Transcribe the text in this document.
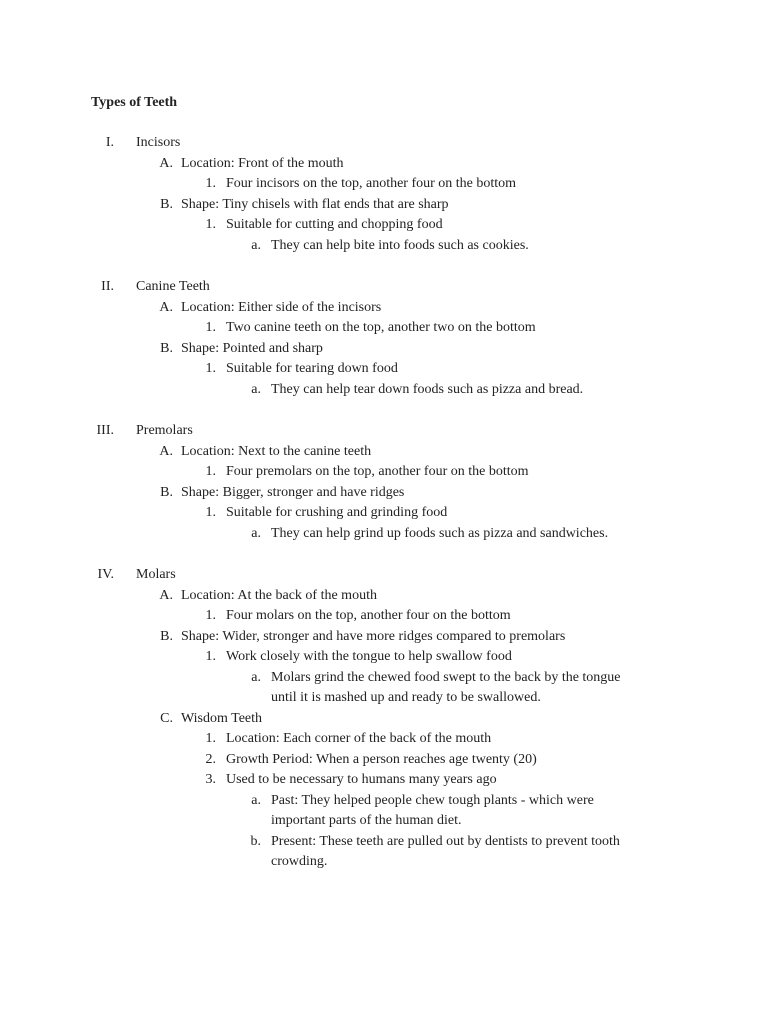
Types of Teeth
I. Incisors
A. Location: Front of the mouth
1. Four incisors on the top, another four on the bottom
B. Shape: Tiny chisels with flat ends that are sharp
1. Suitable for cutting and chopping food
a. They can help bite into foods such as cookies.
II. Canine Teeth
A. Location: Either side of the incisors
1. Two canine teeth on the top, another two on the bottom
B. Shape: Pointed and sharp
1. Suitable for tearing down food
a. They can help tear down foods such as pizza and bread.
III. Premolars
A. Location: Next to the canine teeth
1. Four premolars on the top, another four on the bottom
B. Shape: Bigger, stronger and have ridges
1. Suitable for crushing and grinding food
a. They can help grind up foods such as pizza and sandwiches.
IV. Molars
A. Location: At the back of the mouth
1. Four molars on the top, another four on the bottom
B. Shape: Wider, stronger and have more ridges compared to premolars
1. Work closely with the tongue to help swallow food
a. Molars grind the chewed food swept to the back by the tongue
until it is mashed up and ready to be swallowed.
C. Wisdom Teeth
1. Location: Each corner of the back of the mouth
2. Growth Period: When a person reaches age twenty (20)
3. Used to be necessary to humans many years ago
a. Past: They helped people chew tough plants - which were
important parts of the human diet.
b. Present: These teeth are pulled out by dentists to prevent tooth
crowding.
